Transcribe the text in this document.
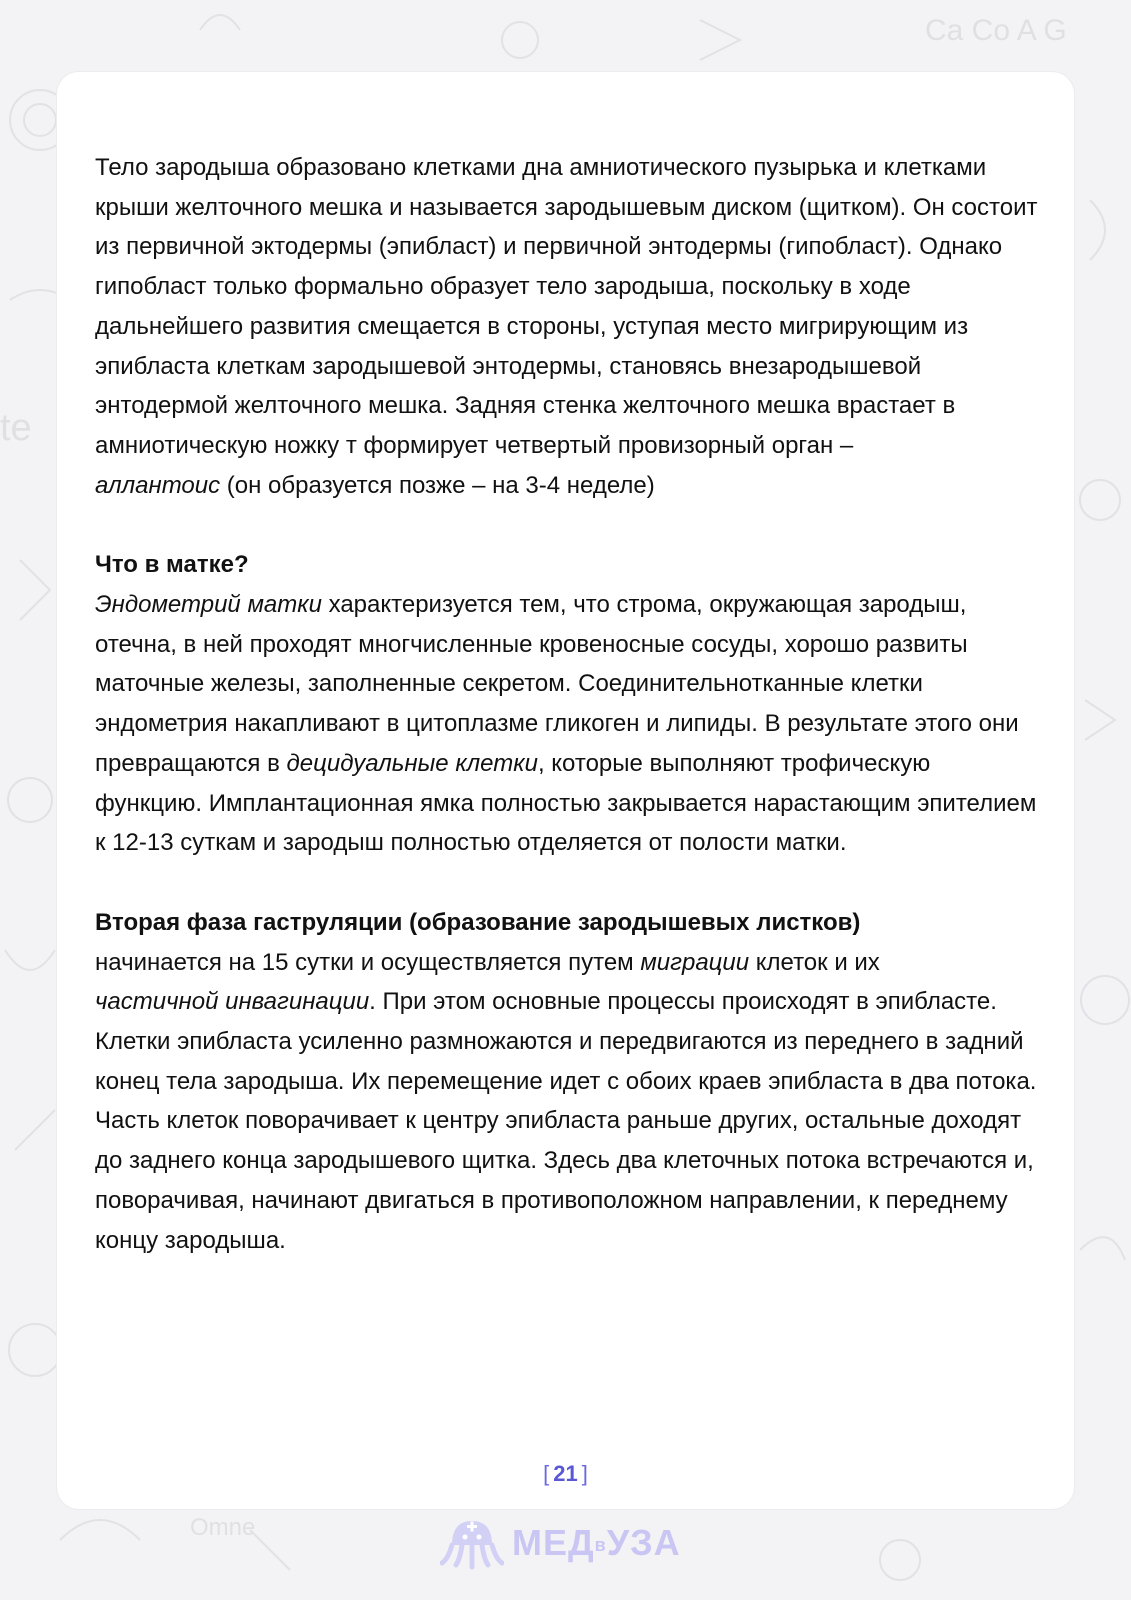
Ca Co A G
te
Omne

Тело зародыша образовано клетками дна амниотического пузырька и клетками крыши желточного мешка и называется зародышевым диском (щитком). Он состоит из первичной эктодермы (эпибласт) и первичной энтодермы (гипобласт). Однако гипобласт только формально образует тело зародыша, поскольку в ходе дальнейшего развития смещается в стороны, уступая место мигрирующим из эпибласта клеткам зародышевой энтодермы, становясь внезародышевой энтодермой желточного мешка. Задняя стенка желточного мешка врастает в амниотическую ножку т формирует четвертый провизорный орган –
аллантоис (он образуется позже – на 3-4 неделе)

Что в матке?

Эндометрий матки характеризуется тем, что строма, окружающая зародыш, отечна, в ней проходят многчисленные кровеносные сосуды, хорошо развиты маточные железы, заполненные секретом. Соединительнотканные клетки эндометрия накапливают в цитоплазме гликоген и липиды. В результате этого они превращаются в децидуальные клетки, которые выполняют трофическую функцию. Имплантационная ямка полностью закрывается нарастающим эпителием к 12-13 суткам и зародыш полностью отделяется от полости матки.

Вторая фаза гаструляции (образование зародышевых листков)

начинается на 15 сутки и осуществляется путем миграции клеток и их
частичной инвагинации. При этом основные процессы происходят в эпибласте. Клетки эпибласта усиленно размножаются и передвигаются из переднего в задний конец тела зародыша. Их перемещение идет с обоих краев эпибласта в два потока. Часть клеток поворачивает к центру эпибласта раньше других, остальные доходят до заднего конца зародышевого щитка. Здесь два клеточных потока встречаются и, поворачивая, начинают двигаться в противоположном направлении, к переднему концу зародыша.

[ 21 ]
МЕДвУЗА
